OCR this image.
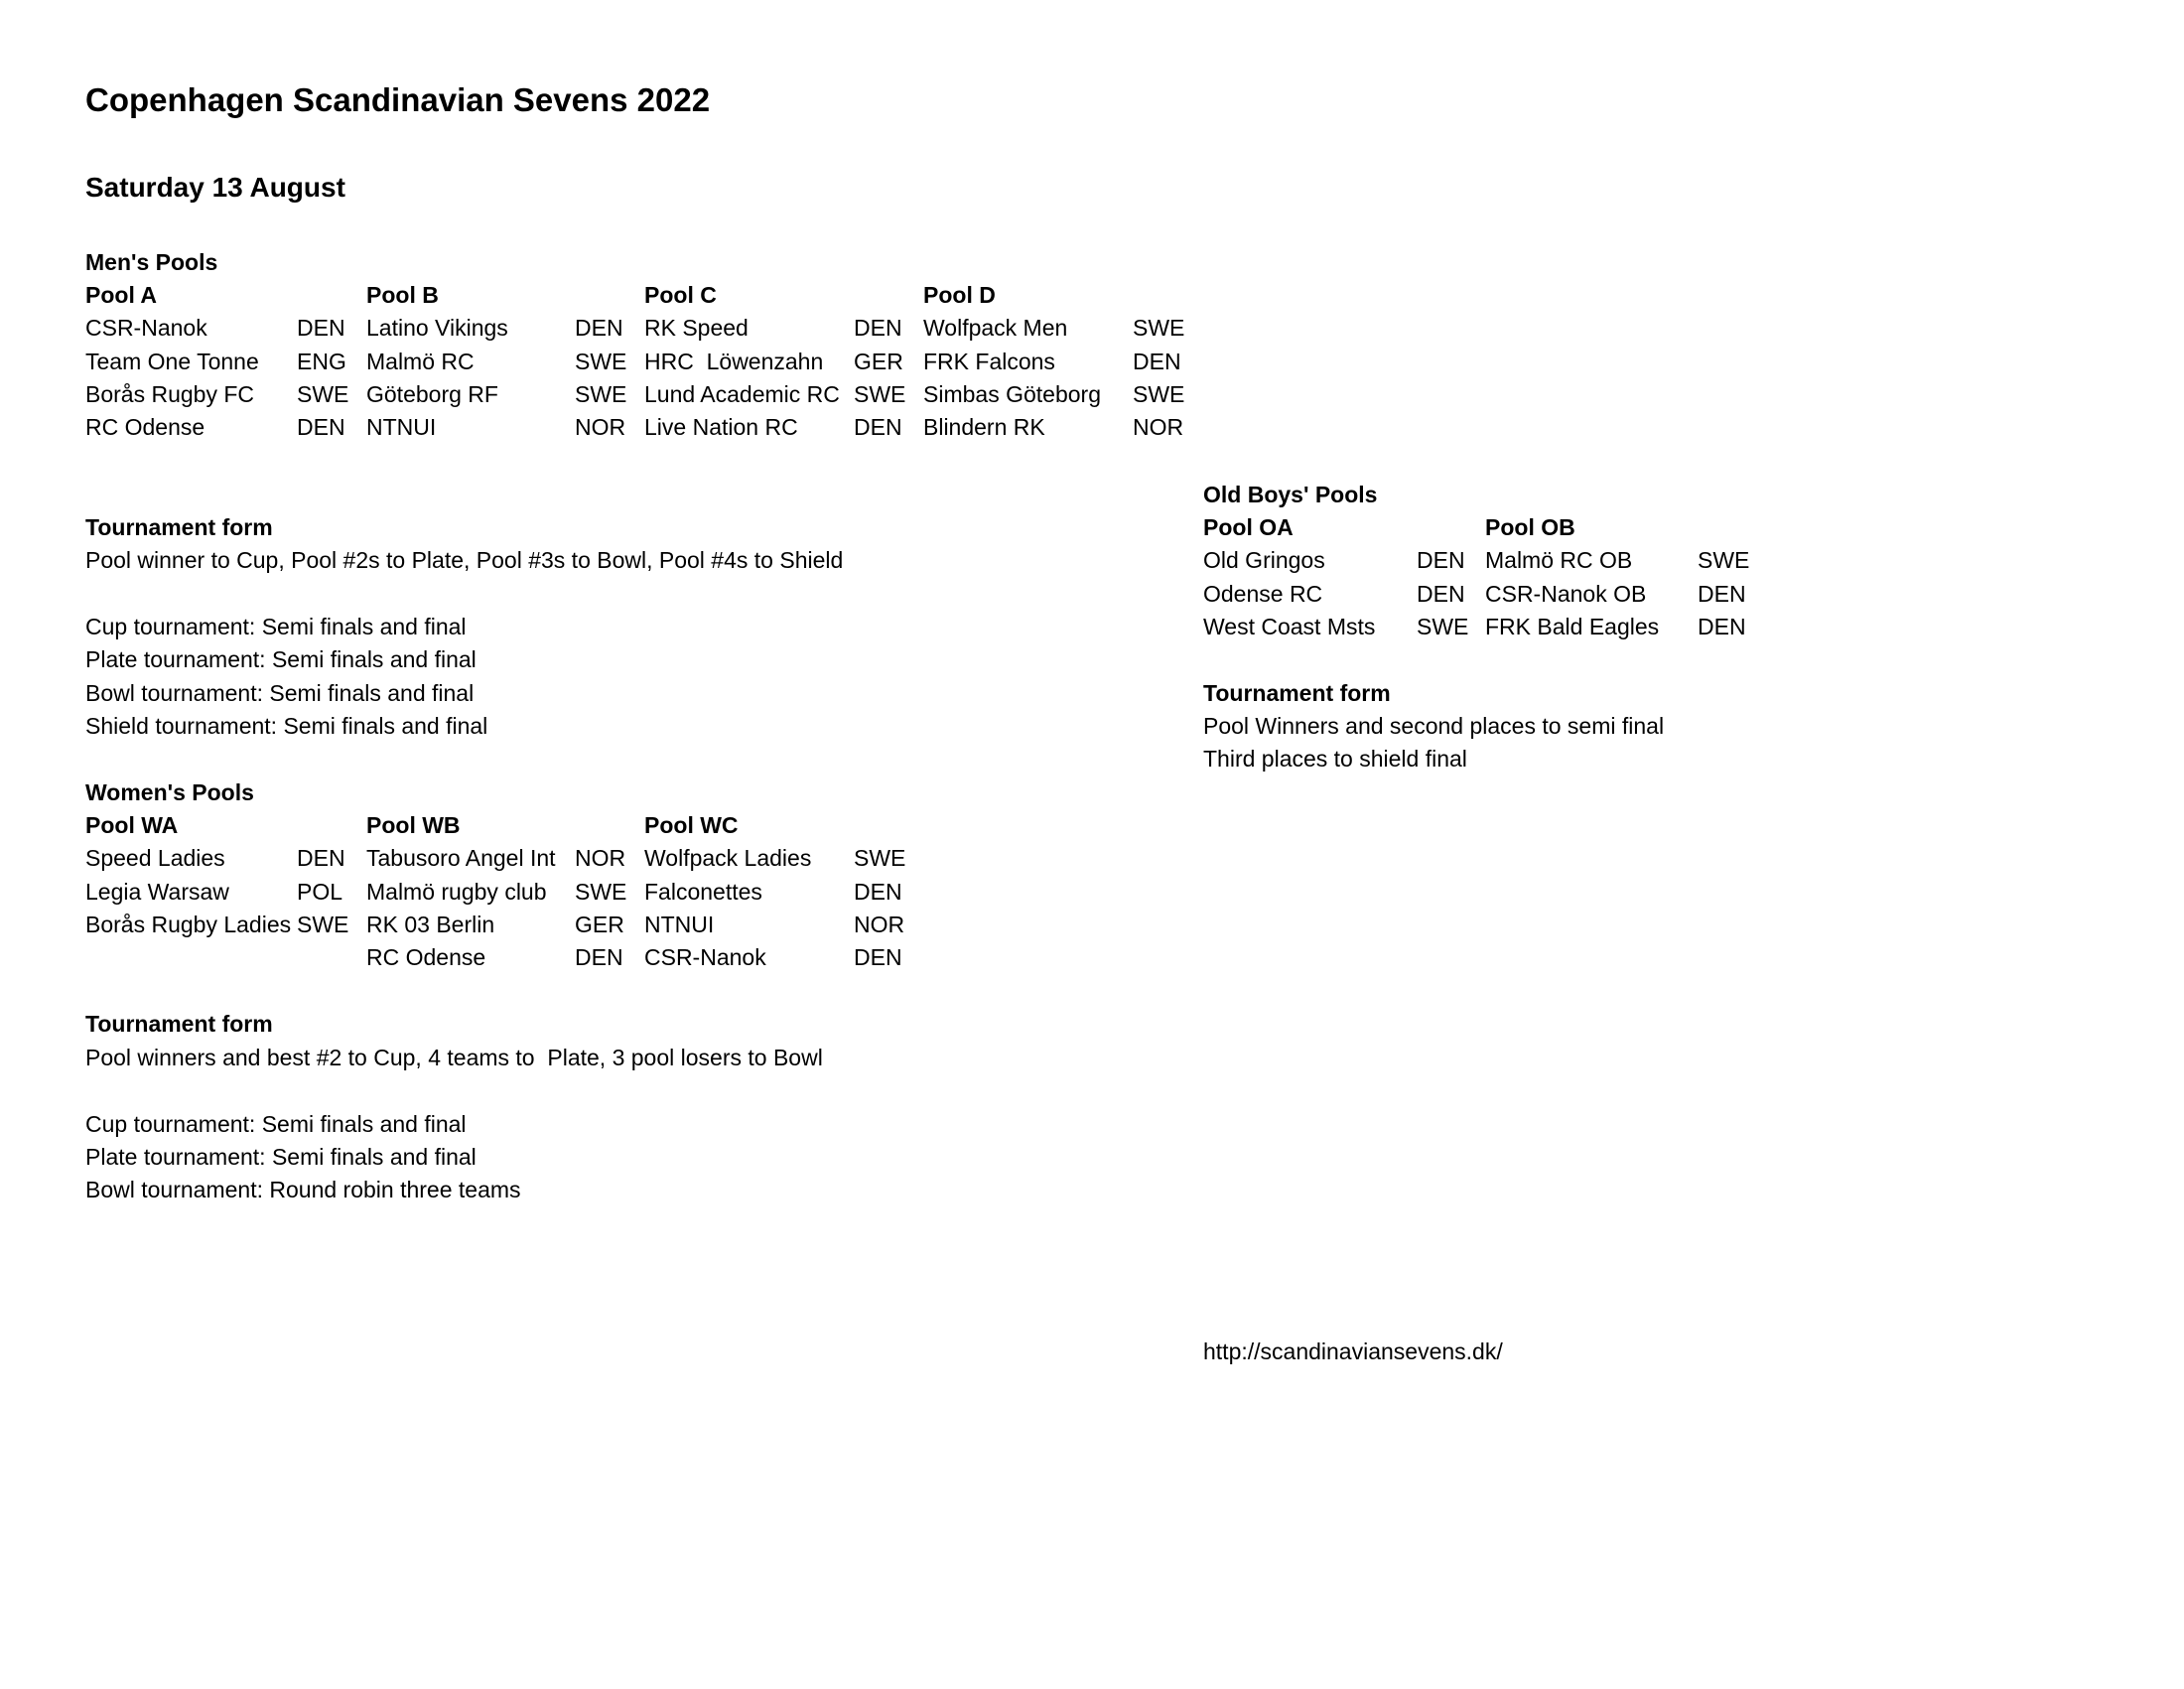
Copenhagen Scandinavian Sevens 2022
Saturday 13 August
Men's Pools
Pool A
CSR-Nanok	DEN
Team One Tonne ENG
Borås Rugby FC SWE
RC Odense	DEN
Pool B
Latino Vikings	DEN
Malmö RC	SWE
Göteborg RF	SWE
NTNUI	NOR
Pool C
RK Speed	DEN
HRC  Löwenzahn GER
Lund Academic RC SWE
Live Nation RC DEN
Pool D
Wolfpack Men	SWE
FRK Falcons	DEN
Simbas Göteborg SWE
Blindern RK	NOR
Tournament form
Pool winner to Cup, Pool #2s to Plate, Pool #3s to Bowl, Pool #4s to Shield
Cup tournament: Semi finals and final
Plate tournament: Semi finals and final
Bowl tournament: Semi finals and final
Shield tournament: Semi finals and final
Women's Pools
Pool WA
Speed Ladies	DEN
Legia Warsaw	POL
Borås Rugby Ladies SWE
Pool WB
Tabusoro Angel Int NOR
Malmö rugby club SWE
RK 03 Berlin	GER
RC Odense	DEN
Pool WC
Wolfpack Ladies SWE
Falconettes	DEN
NTNUI	NOR
CSR-Nanok	DEN
Tournament form
Pool winners and best #2 to Cup, 4 teams to  Plate, 3 pool losers to Bowl
Cup tournament: Semi finals and final
Plate tournament: Semi finals and final
Bowl tournament: Round robin three teams
Old Boys' Pools
Pool OA
Old Gringos	DEN
Odense RC	DEN
West Coast Msts SWE
Pool OB
Malmö RC OB	SWE
CSR-Nanok OB DEN
FRK Bald Eagles DEN
Tournament form
Pool Winners and second places to semi final
Third places to shield final
http://scandinaviansevens.dk/
